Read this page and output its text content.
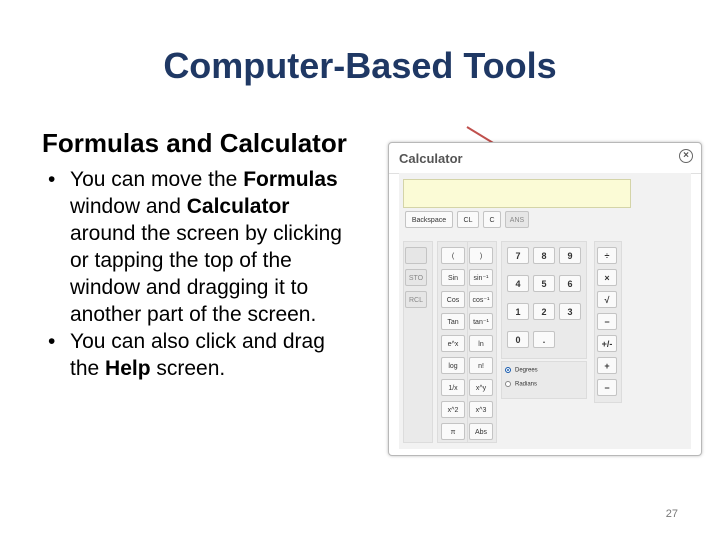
Computer-Based Tools
Formulas and Calculator
• You can move the Formulas window and Calculator around the screen by clicking or tapping the top of the window and dragging it to another part of the screen.
• You can also click and drag the Help screen.
Calculator	×
Backspace	CL	C	ANS
STO
RCL
(	)
Sin	sin⁻¹
Cos	cos⁻¹
Tan	tan⁻¹
e^x	ln
log	n!
1/x	x^y
x^2	x^3
π	Abs
7	8	9
4	5	6
1	2	3
0	.
÷
×
√
−
+/-
+
−
Degrees
Radians
27
